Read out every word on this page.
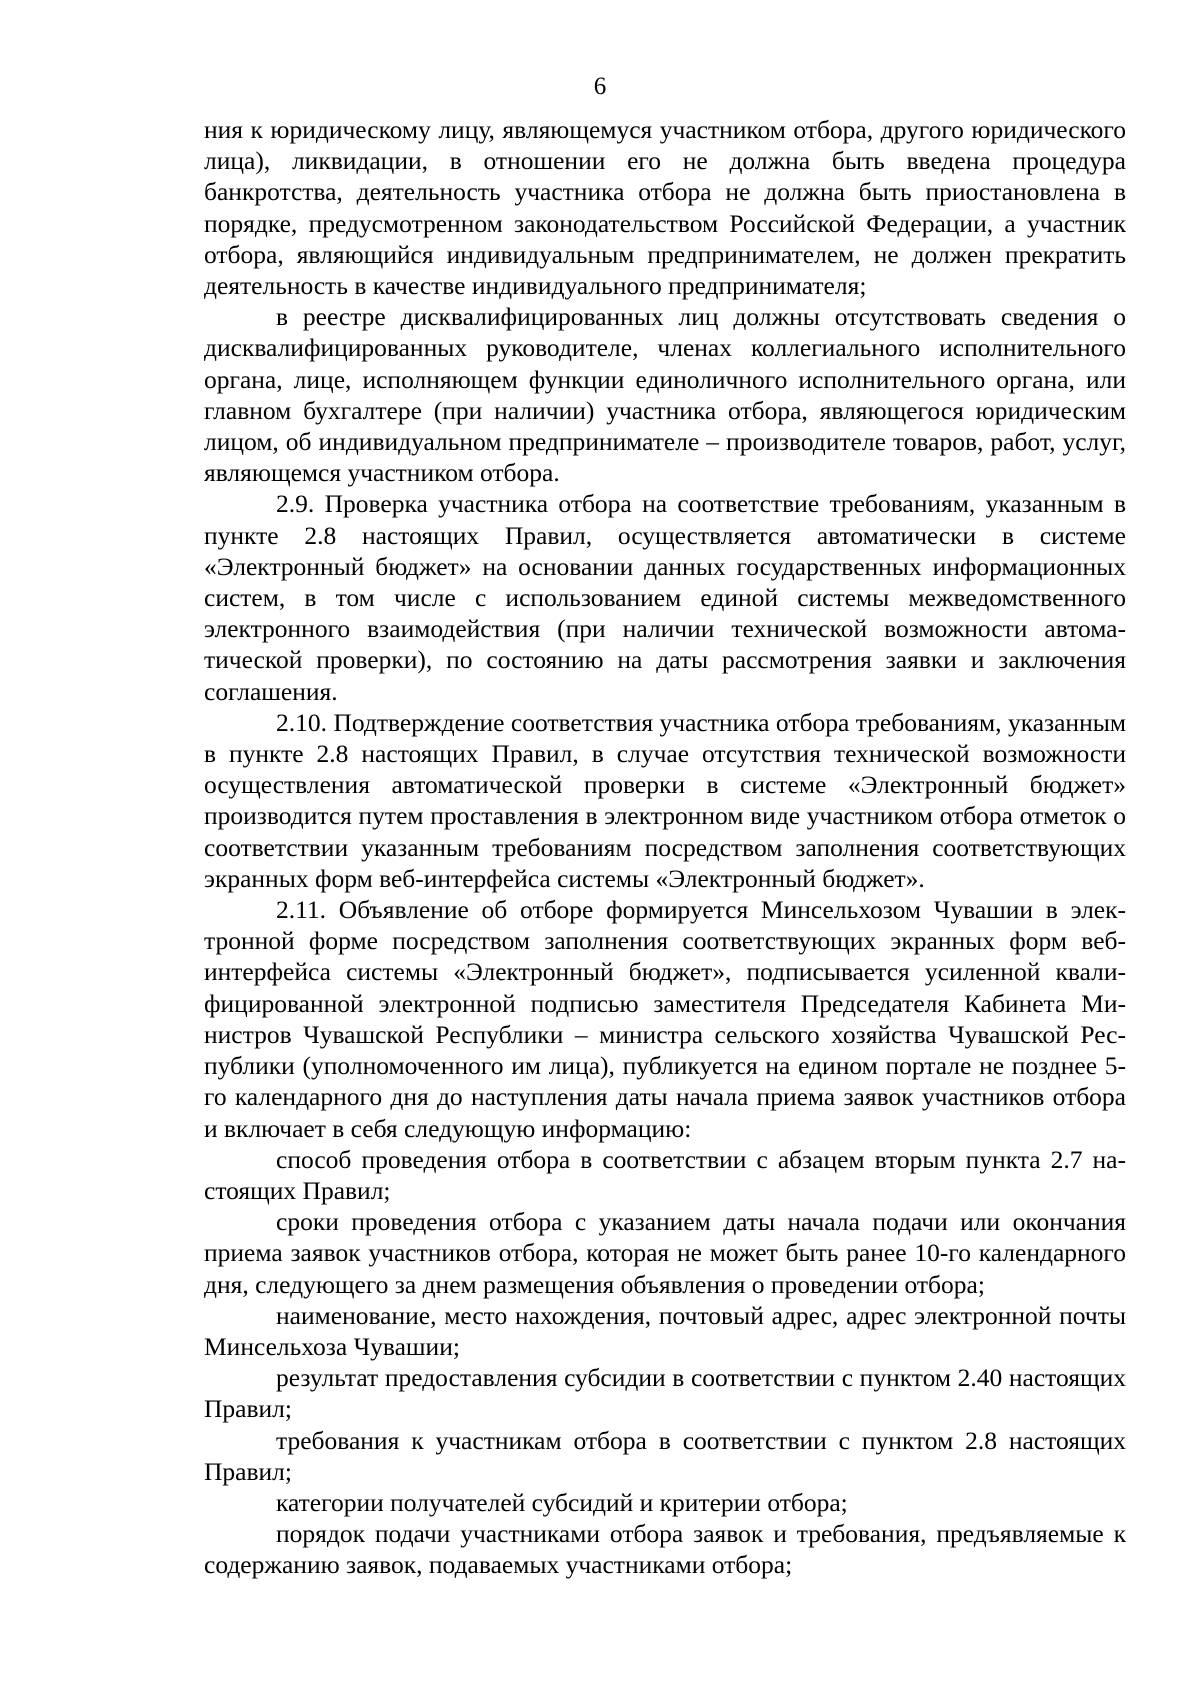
6

ния к юридическому лицу, являющемуся участником отбора, другого юридического лица), ликвидации, в отношении его не должна быть введена процедура банкротства, деятельность участника отбора не должна быть приостановлена в порядке, предусмотренном законодательством Российской Федерации, а участник отбора, являющийся индивидуальным предпринимателем, не должен прекратить деятельность в качестве индивидуального предпринимателя;

в реестре дисквалифицированных лиц должны отсутствовать сведения о дисквалифицированных руководителе, членах коллегиального исполнительного органа, лице, исполняющем функции единоличного исполнительного органа, или главном бухгалтере (при наличии) участника отбора, являющегося юридическим лицом, об индивидуальном предпринимателе – производителе товаров, работ, услуг, являющемся участником отбора.

2.9. Проверка участника отбора на соответствие требованиям, указанным в пункте 2.8 настоящих Правил, осуществляется автоматически в системе «Электронный бюджет» на основании данных государственных информационных систем, в том числе с использованием единой системы межведомственного электронного взаимодействия (при наличии технической возможности автоматической проверки), по состоянию на даты рассмотрения заявки и заключения соглашения.

2.10. Подтверждение соответствия участника отбора требованиям, указанным в пункте 2.8 настоящих Правил, в случае отсутствия технической возможности осуществления автоматической проверки в системе «Электронный бюджет» производится путем проставления в электронном виде участником отбора отметок о соответствии указанным требованиям посредством заполнения соответствующих экранных форм веб-интерфейса системы «Электронный бюджет».

2.11. Объявление об отборе формируется Минсельхозом Чувашии в электронной форме посредством заполнения соответствующих экранных форм веб-интерфейса системы «Электронный бюджет», подписывается усиленной квалифицированной электронной подписью заместителя Председателя Кабинета Министров Чувашской Республики – министра сельского хозяйства Чувашской Республики (уполномоченного им лица), публикуется на едином портале не позднее 5-го календарного дня до наступления даты начала приема заявок участников отбора и включает в себя следующую информацию:

способ проведения отбора в соответствии с абзацем вторым пункта 2.7 настоящих Правил;

сроки проведения отбора с указанием даты начала подачи или окончания приема заявок участников отбора, которая не может быть ранее 10-го календарного дня, следующего за днем размещения объявления о проведении отбора;

наименование, место нахождения, почтовый адрес, адрес электронной почты Минсельхоза Чувашии;

результат предоставления субсидии в соответствии с пунктом 2.40 настоящих Правил;

требования к участникам отбора в соответствии с пунктом 2.8 настоящих Правил;

категории получателей субсидий и критерии отбора;

порядок подачи участниками отбора заявок и требования, предъявляемые к содержанию заявок, подаваемых участниками отбора;
